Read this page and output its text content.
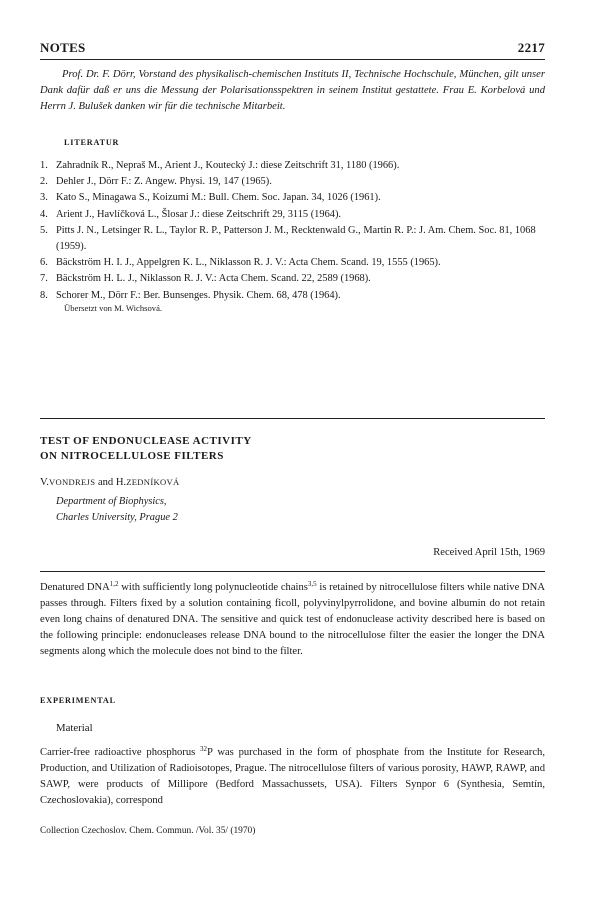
NOTES	2217

Prof. Dr. F. Dörr, Vorstand des physikalisch-chemischen Instituts II, Technische Hochschule, München, gilt unser Dank dafür daß er uns die Messung der Polarisationsspektren in seinem Institut gestattete. Frau E. Korbelová und Herrn J. Bulušek danken wir für die technische Mitarbeit.

LITERATUR
1. Zahradník R., Nepraš M., Arient J., Koutecký J.: diese Zeitschrift 31, 1180 (1966).
2. Dehler J., Dörr F.: Z. Angew. Physi. 19, 147 (1965).
3. Kato S., Minagawa S., Koizumi M.: Bull. Chem. Soc. Japan. 34, 1026 (1961).
4. Arient J., Havlíčková L., Šlosar J.: diese Zeitschrift 29, 3115 (1964).
5. Pitts J. N., Letsinger R. L., Taylor R. P., Patterson J. M., Recktenwald G., Martin R. P.: J. Am. Chem. Soc. 81, 1068 (1959).
6. Bäckström H. I. J., Appelgren K. L., Niklasson R. J. V.: Acta Chem. Scand. 19, 1555 (1965).
7. Bäckström H. L. J., Niklasson R. J. V.: Acta Chem. Scand. 22, 2589 (1968).
8. Schorer M., Dörr F.: Ber. Bunsenges. Physik. Chem. 68, 478 (1964).
Übersetzt von M. Wichsová.
TEST OF ENDONUCLEASE ACTIVITY
ON NITROCELLULOSE FILTERS
V.VONDREJS and H.ZEDNÍKOVÁ
Department of Biophysics,
Charles University, Prague 2
Received April 15th, 1969

Denatured DNA$^{1,2}$ with sufficiently long polynucleotide chains$^{3,5}$ is retained by nitrocellulose filters while native DNA passes through. Filters fixed by a solution containing ficoll, polyvinylpyrrolidone, and bovine albumin do not retain even long chains of denatured DNA. The sensitive and quick test of endonuclease activity described here is based on the following principle: endonucleases release DNA bound to the nitrocellulose filter the easier the longer the DNA segments along which the molecule does not bind to the filter.

EXPERIMENTAL
Material

Carrier-free radioactive phosphorus $^{32}$P was purchased in the form of phosphate from the Institute for Research, Production, and Utilization of Radioisotopes, Prague. The nitrocellulose filters of various porosity, HAWP, RAWP, and SAWP, were products of Millipore (Bedford Massachussets, USA). Filters Synpor 6 (Synthesia, Semtín, Czechoslovakia), correspond

Collection Czechoslov. Chem. Commun. /Vol. 35/ (1970)
